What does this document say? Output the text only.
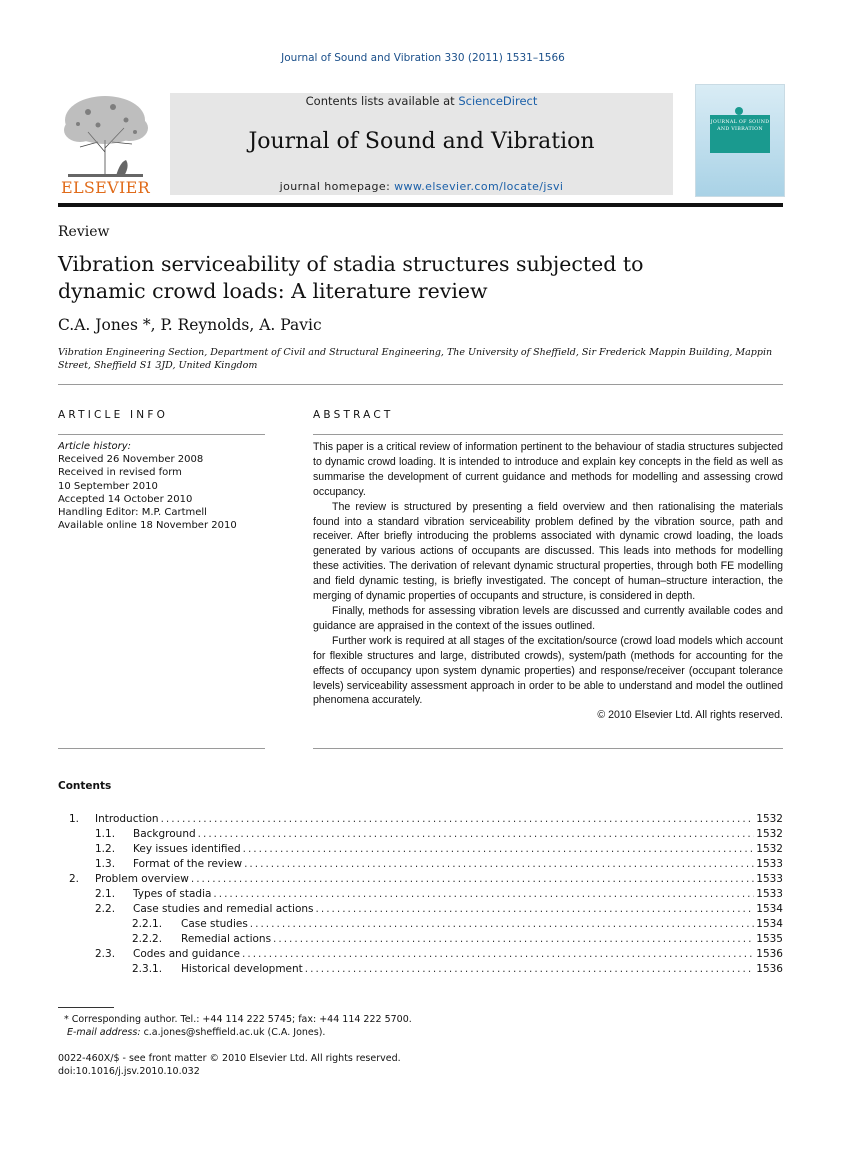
Journal of Sound and Vibration 330 (2011) 1531–1566
ELSEVIER
Contents lists available at ScienceDirect
Journal of Sound and Vibration
journal homepage: www.elsevier.com/locate/jsvi
JOURNAL OF SOUND AND VIBRATION
Review
Vibration serviceability of stadia structures subjected to dynamic crowd loads: A literature review
C.A. Jones *, P. Reynolds, A. Pavic
Vibration Engineering Section, Department of Civil and Structural Engineering, The University of Sheffield, Sir Frederick Mappin Building, Mappin Street, Sheffield S1 3JD, United Kingdom
ARTICLE INFO
Article history:
Received 26 November 2008
Received in revised form
10 September 2010
Accepted 14 October 2010
Handling Editor: M.P. Cartmell
Available online 18 November 2010
ABSTRACT

This paper is a critical review of information pertinent to the behaviour of stadia structures subjected to dynamic crowd loading. It is intended to introduce and explain key concepts in the field as well as summarise the development of current guidance and methods for modelling and assessing crowd occupancy.

The review is structured by presenting a field overview and then rationalising the materials found into a standard vibration serviceability problem defined by the vibration source, path and receiver. After briefly introducing the problems associated with dynamic crowd loading, the loads generated by various actions of occupants are discussed. This leads into methods for modelling these activities. The derivation of relevant dynamic structural properties, through both FE modelling and field dynamic testing, is briefly investigated. The concept of human–structure interaction, the merging of dynamic properties of occupants and structure, is considered in depth.

Finally, methods for assessing vibration levels are discussed and currently available codes and guidance are appraised in the context of the issues outlined.

Further work is required at all stages of the excitation/source (crowd load models which account for flexible structures and large, distributed crowds), system/path (methods for accounting for the effects of occupancy upon system dynamic properties) and response/receiver (occupant tolerance levels) serviceability assessment approach in order to be able to understand and model the outlined phenomena accurately.

© 2010 Elsevier Ltd. All rights reserved.
Contents
1.	Introduction .....	1532
1.1.	Background .....	1532
1.2.	Key issues identified .....	1532
1.3.	Format of the review .....	1533
2.	Problem overview .....	1533
2.1.	Types of stadia .....	1533
2.2.	Case studies and remedial actions .....	1534
2.2.1.	Case studies .....	1534
2.2.2.	Remedial actions .....	1535
2.3.	Codes and guidance .....	1536
2.3.1.	Historical development .....	1536
* Corresponding author. Tel.: +44 114 222 5745; fax: +44 114 222 5700.
E-mail address: c.a.jones@sheffield.ac.uk (C.A. Jones).
0022-460X/$ - see front matter © 2010 Elsevier Ltd. All rights reserved.
doi:10.1016/j.jsv.2010.10.032
